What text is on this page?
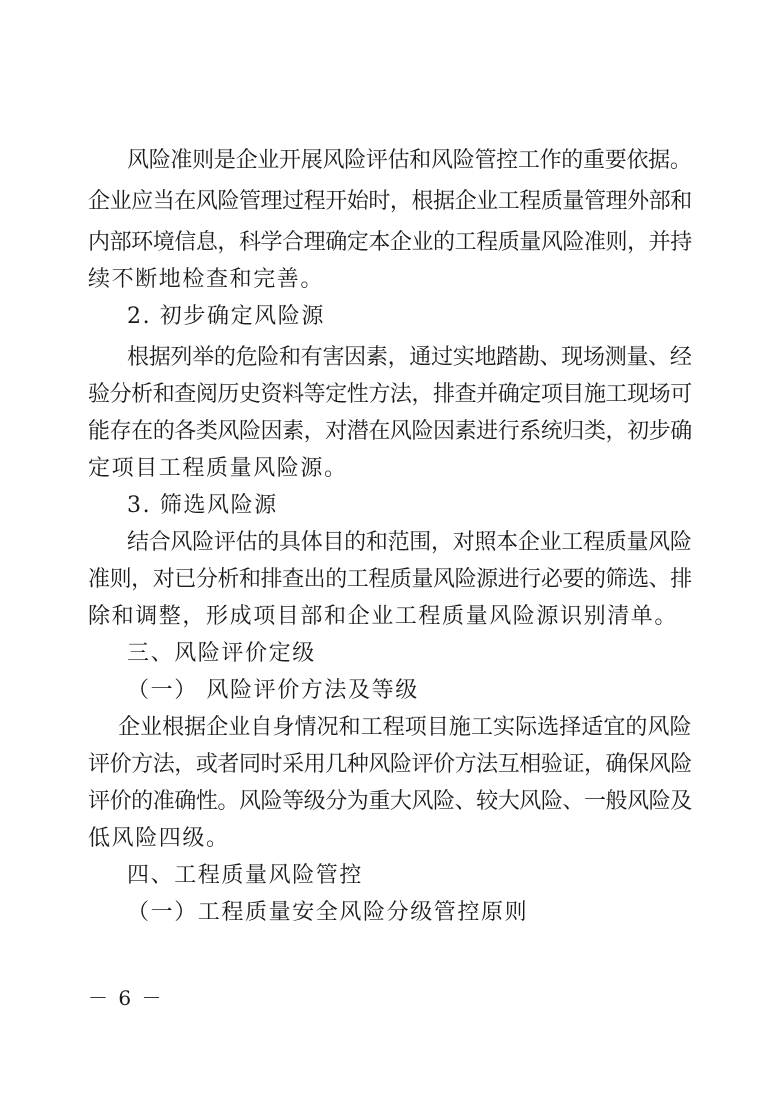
风险准则是企业开展风险评估和风险管控工作的重要依据。
企业应当在风险管理过程开始时，根据企业工程质量管理外部和
内部环境信息，科学合理确定本企业的工程质量风险准则，并持
续不断地检查和完善。
2. 初步确定风险源
根据列举的危险和有害因素，通过实地踏勘、现场测量、经
验分析和查阅历史资料等定性方法，排查并确定项目施工现场可
能存在的各类风险因素，对潜在风险因素进行系统归类，初步确
定项目工程质量风险源。
3. 筛选风险源
结合风险评估的具体目的和范围，对照本企业工程质量风险
准则，对已分析和排查出的工程质量风险源进行必要的筛选、排
除和调整，形成项目部和企业工程质量风险源识别清单。
三、风险评价定级
（一） 风险评价方法及等级
企业根据企业自身情况和工程项目施工实际选择适宜的风险
评价方法，或者同时采用几种风险评价方法互相验证，确保风险
评价的准确性。风险等级分为重大风险、较大风险、一般风险及
低风险四级。
四、工程质量风险管控
（一）工程质量安全风险分级管控原则
－ 6 －
